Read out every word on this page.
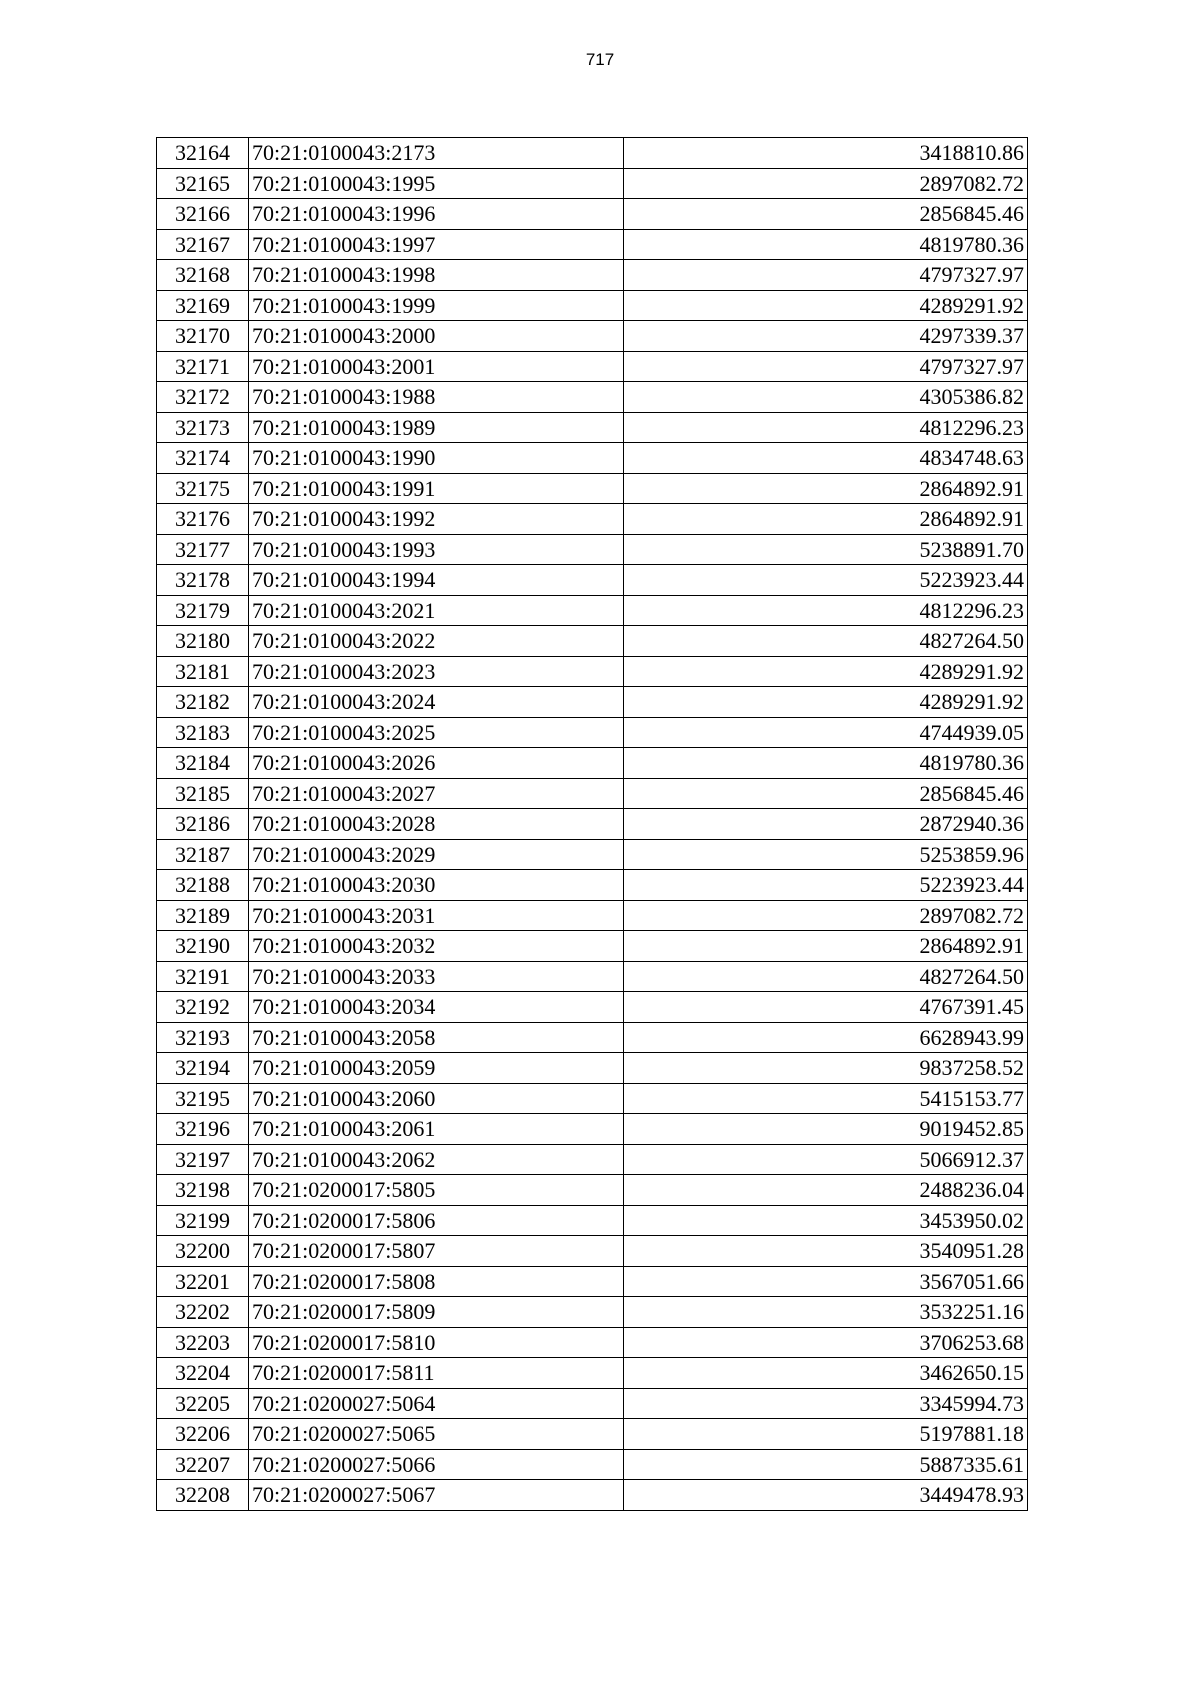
717
32164	70:21:0100043:2173	3418810.86
32165	70:21:0100043:1995	2897082.72
32166	70:21:0100043:1996	2856845.46
32167	70:21:0100043:1997	4819780.36
32168	70:21:0100043:1998	4797327.97
32169	70:21:0100043:1999	4289291.92
32170	70:21:0100043:2000	4297339.37
32171	70:21:0100043:2001	4797327.97
32172	70:21:0100043:1988	4305386.82
32173	70:21:0100043:1989	4812296.23
32174	70:21:0100043:1990	4834748.63
32175	70:21:0100043:1991	2864892.91
32176	70:21:0100043:1992	2864892.91
32177	70:21:0100043:1993	5238891.70
32178	70:21:0100043:1994	5223923.44
32179	70:21:0100043:2021	4812296.23
32180	70:21:0100043:2022	4827264.50
32181	70:21:0100043:2023	4289291.92
32182	70:21:0100043:2024	4289291.92
32183	70:21:0100043:2025	4744939.05
32184	70:21:0100043:2026	4819780.36
32185	70:21:0100043:2027	2856845.46
32186	70:21:0100043:2028	2872940.36
32187	70:21:0100043:2029	5253859.96
32188	70:21:0100043:2030	5223923.44
32189	70:21:0100043:2031	2897082.72
32190	70:21:0100043:2032	2864892.91
32191	70:21:0100043:2033	4827264.50
32192	70:21:0100043:2034	4767391.45
32193	70:21:0100043:2058	6628943.99
32194	70:21:0100043:2059	9837258.52
32195	70:21:0100043:2060	5415153.77
32196	70:21:0100043:2061	9019452.85
32197	70:21:0100043:2062	5066912.37
32198	70:21:0200017:5805	2488236.04
32199	70:21:0200017:5806	3453950.02
32200	70:21:0200017:5807	3540951.28
32201	70:21:0200017:5808	3567051.66
32202	70:21:0200017:5809	3532251.16
32203	70:21:0200017:5810	3706253.68
32204	70:21:0200017:5811	3462650.15
32205	70:21:0200027:5064	3345994.73
32206	70:21:0200027:5065	5197881.18
32207	70:21:0200027:5066	5887335.61
32208	70:21:0200027:5067	3449478.93
